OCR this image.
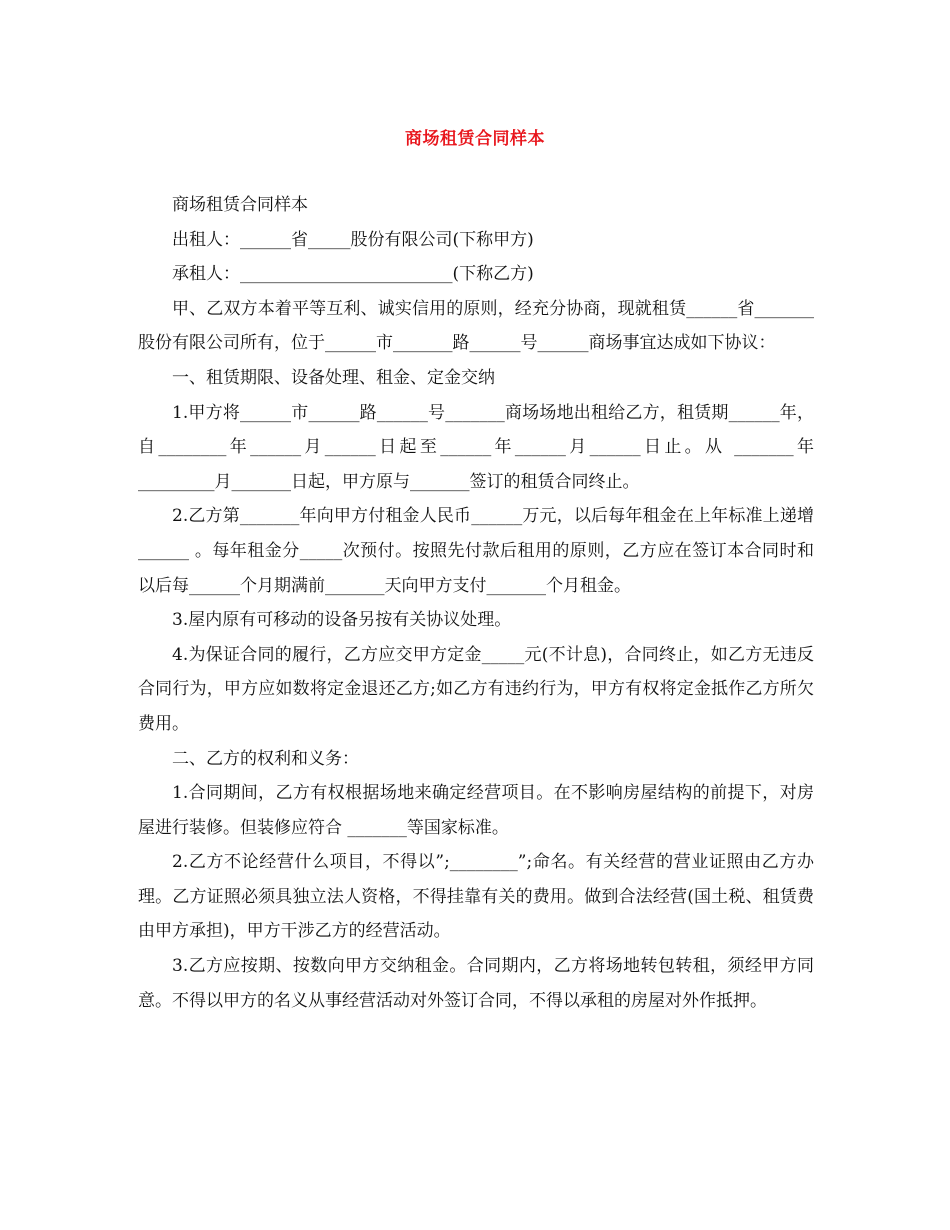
商场租赁合同样本

商场租赁合同样本

出租人：______省_____股份有限公司(下称甲方)

承租人：_________________________(下称乙方)

甲、乙双方本着平等互利、诚实信用的原则，经充分协商，现就租赁______省_______股份有限公司所有，位于______市_______路______号______商场事宜达成如下协议：

一、租赁期限、设备处理、租金、定金交纳

1.甲方将______市______路______号_______商场场地出租给乙方，租赁期______年，自________年______月______日起至______年______月______日止。从 _______年_________月_______日起，甲方原与_______签订的租赁合同终止。

2.乙方第_______年向甲方付租金人民币______万元，以后每年租金在上年标准上递增______ 。每年租金分_____次预付。按照先付款后租用的原则，乙方应在签订本合同时和以后每______个月期满前_______天向甲方支付_______个月租金。

3.屋内原有可移动的设备另按有关协议处理。

4.为保证合同的履行，乙方应交甲方定金_____元(不计息)，合同终止，如乙方无违反合同行为，甲方应如数将定金退还乙方;如乙方有违约行为，甲方有权将定金抵作乙方所欠费用。

二、乙方的权利和义务：

1.合同期间，乙方有权根据场地来确定经营项目。在不影响房屋结构的前提下，对房屋进行装修。但装修应符合 _______等国家标准。

2.乙方不论经营什么项目，不得以”;________”;命名。有关经营的营业证照由乙方办理。乙方证照必须具独立法人资格，不得挂靠有关的费用。做到合法经营(国土税、租赁费由甲方承担)，甲方干涉乙方的经营活动。

3.乙方应按期、按数向甲方交纳租金。合同期内，乙方将场地转包转租，须经甲方同意。不得以甲方的名义从事经营活动对外签订合同，不得以承租的房屋对外作抵押。
